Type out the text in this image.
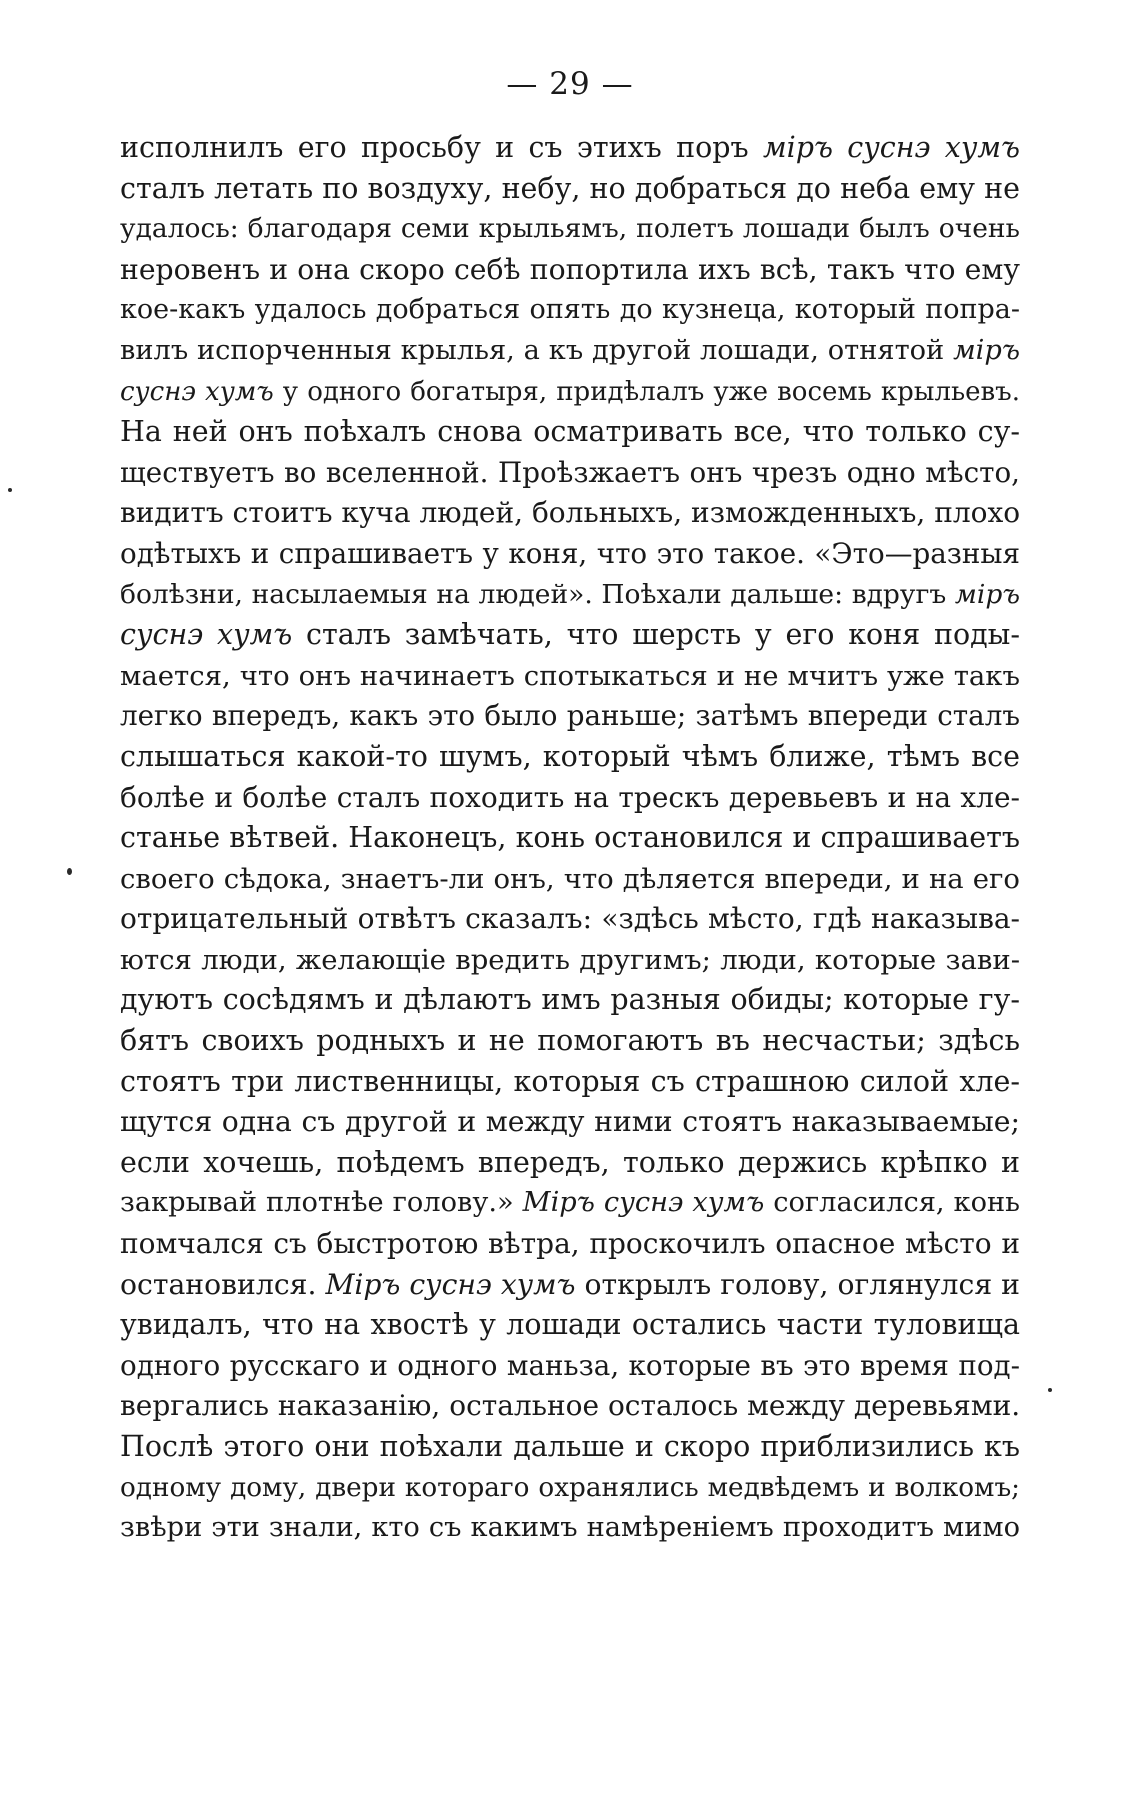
— 29 —
исполнилъ его просьбу и съ этихъ поръ міръ суснэ хумъ
сталъ летать по воздуху, небу, но добраться до неба ему не
удалось: благодаря семи крыльямъ, полетъ лошади былъ очень
неровенъ и она скоро себѣ попортила ихъ всѣ, такъ что ему
кое-какъ удалось добраться опять до кузнеца, который попра-
вилъ испорченныя крылья, а къ другой лошади, отнятой міръ
суснэ хумъ у одного богатыря, придѣлалъ уже восемь крыльевъ.
На ней онъ поѣхалъ снова осматривать все, что только су-
ществуетъ во вселенной. Проѣзжаетъ онъ чрезъ одно мѣсто,
видитъ стоитъ куча людей, больныхъ, изможденныхъ, плохо
одѣтыхъ и спрашиваетъ у коня, что это такое. «Это—разныя
болѣзни, насылаемыя на людей». Поѣхали дальше: вдругъ міръ
суснэ хумъ сталъ замѣчать, что шерсть у его коня поды-
мается, что онъ начинаетъ спотыкаться и не мчитъ уже такъ
легко впередъ, какъ это было раньше; затѣмъ впереди сталъ
слышаться какой-то шумъ, который чѣмъ ближе, тѣмъ все
болѣе и болѣе сталъ походить на трескъ деревьевъ и на хле-
станье вѣтвей. Наконецъ, конь остановился и спрашиваетъ
своего сѣдока, знаетъ-ли онъ, что дѣляется впереди, и на его
отрицательный отвѣтъ сказалъ: «здѣсь мѣсто, гдѣ наказыва-
ются люди, желающіе вредить другимъ; люди, которые зави-
дуютъ сосѣдямъ и дѣлаютъ имъ разныя обиды; которые гу-
бятъ своихъ родныхъ и не помогаютъ въ несчастьи; здѣсь
стоятъ три лиственницы, которыя съ страшною силой хле-
щутся одна съ другой и между ними стоятъ наказываемые;
если хочешь, поѣдемъ впередъ, только держись крѣпко и
закрывай плотнѣе голову.» Міръ суснэ хумъ согласился, конь
помчался съ быстротою вѣтра, проскочилъ опасное мѣсто и
остановился. Міръ суснэ хумъ открылъ голову, оглянулся и
увидалъ, что на хвостѣ у лошади остались части туловища
одного русскаго и одного маньза, которые въ это время под-
вергались наказанію, остальное осталось между деревьями.
Послѣ этого они поѣхали дальше и скоро приблизились къ
одному дому, двери котораго охранялись медвѣдемъ и волкомъ;
звѣри эти знали, кто съ какимъ намѣреніемъ проходитъ мимо
